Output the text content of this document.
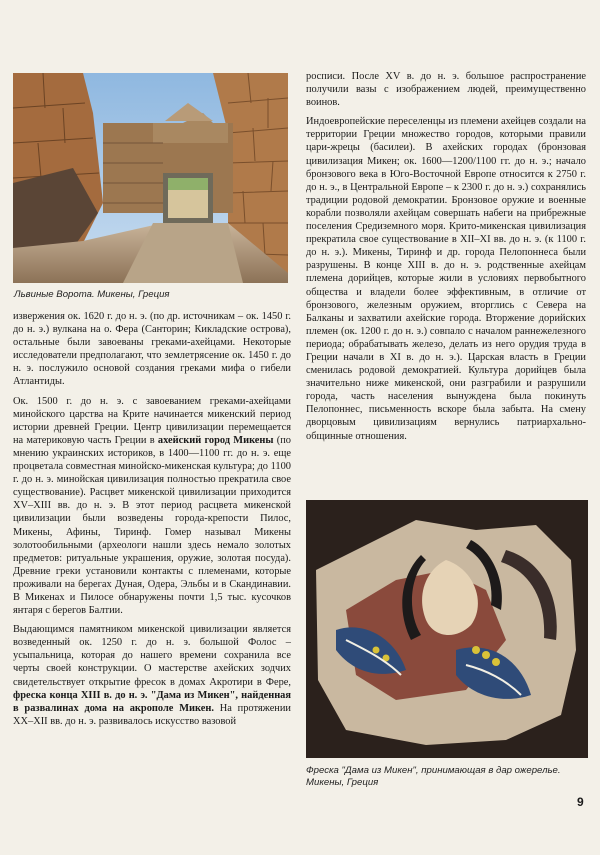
Львиные Ворота. Микены, Греция

извержения ок. 1620 г. до н. э. (по др. источникам – ок. 1450 г. до н. э.) вулкана на о. Фера (Санторин; Кикладские острова), остальные были завоеваны греками-ахейцами. Некоторые исследователи предполагают, что землетрясение ок. 1450 г. до н. э. послужило основой создания греками мифа о гибели Атлантиды.

Ок. 1500 г. до н. э. с завоеванием греками-ахейцами минойского царства на Крите начинается микенский период истории древней Греции. Центр цивилизации перемещается на материковую часть Греции в ахейский город Микены (по мнению украинских историков, в 1400—1100 гг. до н. э. еще процветала совместная минойско-микенская культура; до 1100 г. до н. э. минойская цивилизация полностью прекратила свое существование). Расцвет микенской цивилизации приходится XV–XIII вв. до н. э. В этот период расцвета микенской цивилизации были возведены города-крепости Пилос, Микены, Афины, Тиринф. Гомер называл Микены золотообильными (археологи нашли здесь немало золотых предметов: ритуальные украшения, оружие, золотая посуда). Древние греки установили контакты с племенами, которые проживали на берегах Дуная, Одера, Эльбы и в Скандинавии. В Микенах и Пилосе обнаружены почти 1,5 тыс. кусочков янтаря с берегов Балтии.

Выдающимся памятником микенской цивилизации является возведенный ок. 1250 г. до н. э. большой Фолос – усыпальница, которая до нашего времени сохранила все черты своей конструкции. О мастерстве ахейских зодчих свидетельствует открытие фресок в домах Акротири в Фере, фреска конца XIII в. до н. э. "Дама из Микен", найденная в развалинах дома на акрополе Микен. На протяжении XX–XII вв. до н. э. развивалось искусство вазовой

росписи. После XV в. до н. э. большое распространение получили вазы с изображением людей, преимущественно воинов.

Индоевропейские переселенцы из племени ахейцев создали на территории Греции множество городов, которыми правили цари-жрецы (басилеи). В ахейских городах (бронзовая цивилизация Микен; ок. 1600—1200/1100 гг. до н. э.; начало бронзового века в Юго-Восточной Европе относится к 2750 г. до н. э., в Центральной Европе – к 2300 г. до н. э.) сохранялись традиции родовой демократии. Бронзовое оружие и военные корабли позволяли ахейцам совершать набеги на прибрежные поселения Средиземного моря. Крито-микенская цивилизация прекратила свое существование в XII–XI вв. до н. э. (к 1100 г. до н. э.). Микены, Тиринф и др. города Пелопоннеса были разрушены. В конце XIII в. до н. э. родственные ахейцам племена дорийцев, которые жили в условиях первобытного общества и владели более эффективным, в отличие от бронзового, железным оружием, вторглись с Севера на Балканы и захватили ахейские города. Вторжение дорийских племен (ок. 1200 г. до н. э.) совпало с началом раннежелезного периода; обрабатывать железо, делать из него орудия труда в Греции начали в XI в. до н. э.). Царская власть в Греции сменилась родовой демократией. Культура дорийцев была значительно ниже микенской, они разграбили и разрушили города, часть населения вынуждена была покинуть Пелопоннес, письменность вскоре была забыта. На смену дворцовым цивилизациям вернулись патриархально-общинные отношения.

Фреска "Дама из Микен", принимающая в дар ожерелье. Микены, Греция
9
